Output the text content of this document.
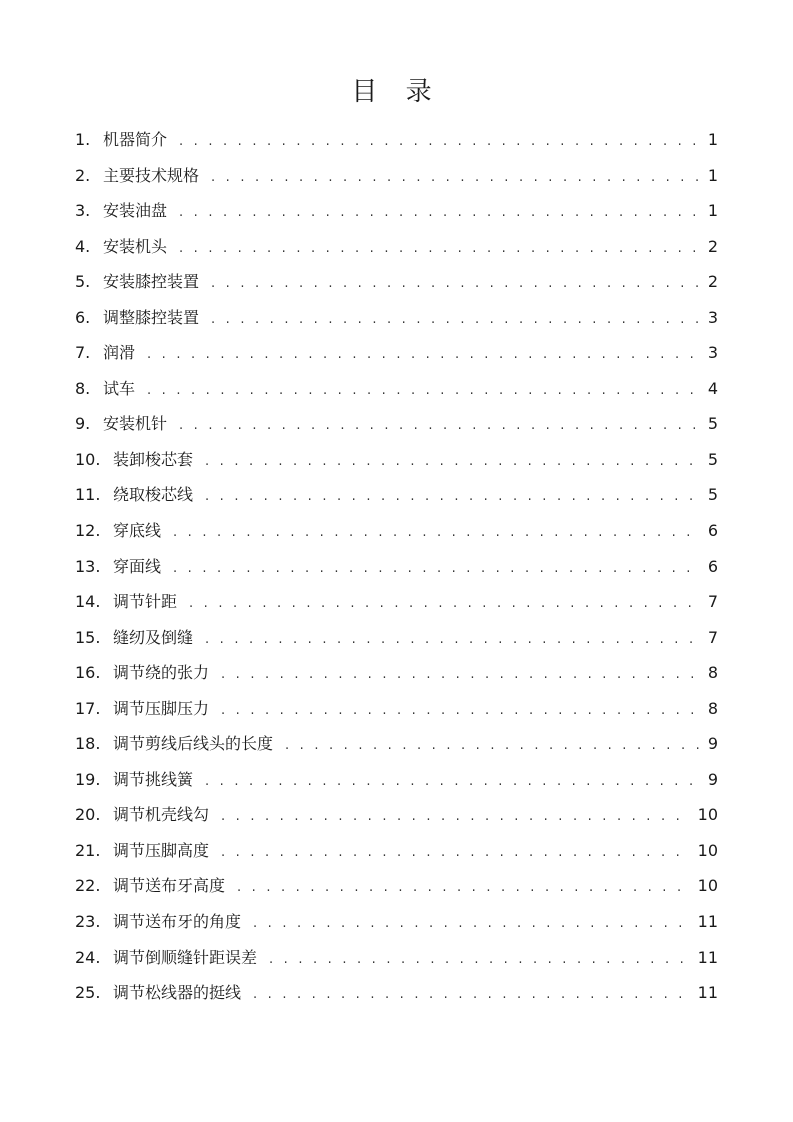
目 录
1. 机器简介 . . .	1
2. 主要技术规格 . . .	1
3. 安装油盘 . . .	1
4. 安装机头 . . .	2
5. 安装膝控装置 . . .	2
6. 调整膝控装置 . . .	3
7. 润滑 . . .	3
8. 试车 . . .	4
9. 安装机针 . . .	5
10. 装卸梭芯套 . . .	5
11. 绕取梭芯线 . . .	5
12. 穿底线 . . .	6
13. 穿面线 . . .	6
14. 调节针距 . . .	7
15. 缝纫及倒缝 . . .	7
16. 调节绕的张力 . . .	8
17. 调节压脚压力 . . .	8
18. 调节剪线后线头的长度 . . .	9
19. 调节挑线簧 . . .	9
20. 调节机壳线勾 . . .	10
21. 调节压脚高度 . . .	10
22. 调节送布牙高度 . . .	10
23. 调节送布牙的角度 . . .	11
24. 调节倒顺缝针距误差 . . .	11
25. 调节松线器的挺线 . . .	11
